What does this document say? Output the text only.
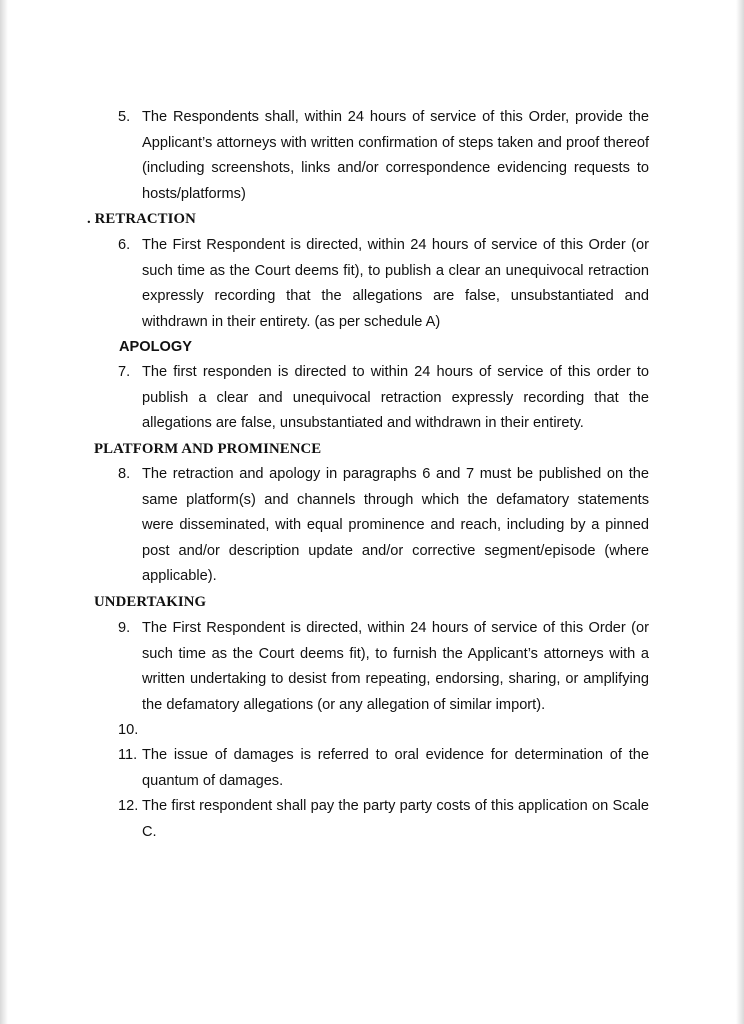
5. The Respondents shall, within 24 hours of service of this Order, provide the Applicant’s attorneys with written confirmation of steps taken and proof thereof (including screenshots, links and/or correspondence evidencing requests to hosts/platforms)
. RETRACTION
6. The First Respondent is directed, within 24 hours of service of this Order (or such time as the Court deems fit), to publish a clear an unequivocal retraction expressly recording that the allegations are false, unsubstantiated and withdrawn in their entirety. (as per schedule A)
APOLOGY
7. The first responden is directed to within 24 hours of service of this order to publish a clear and unequivocal retraction expressly recording that the allegations are false, unsubstantiated and withdrawn in their entirety.
PLATFORM AND PROMINENCE
8. The retraction and apology in paragraphs 6 and 7 must be published on the same platform(s) and channels through which the defamatory statements were disseminated, with equal prominence and reach, including by a pinned post and/or description update and/or corrective segment/episode (where applicable).
UNDERTAKING
9. The First Respondent is directed, within 24 hours of service of this Order (or such time as the Court deems fit), to furnish the Applicant’s attorneys with a written undertaking to desist from repeating, endorsing, sharing, or amplifying the defamatory allegations (or any allegation of similar import).
10.
11. The issue of damages is referred to oral evidence for determination of the quantum of damages.
12. The first respondent shall pay the party party costs of this application on Scale C.
